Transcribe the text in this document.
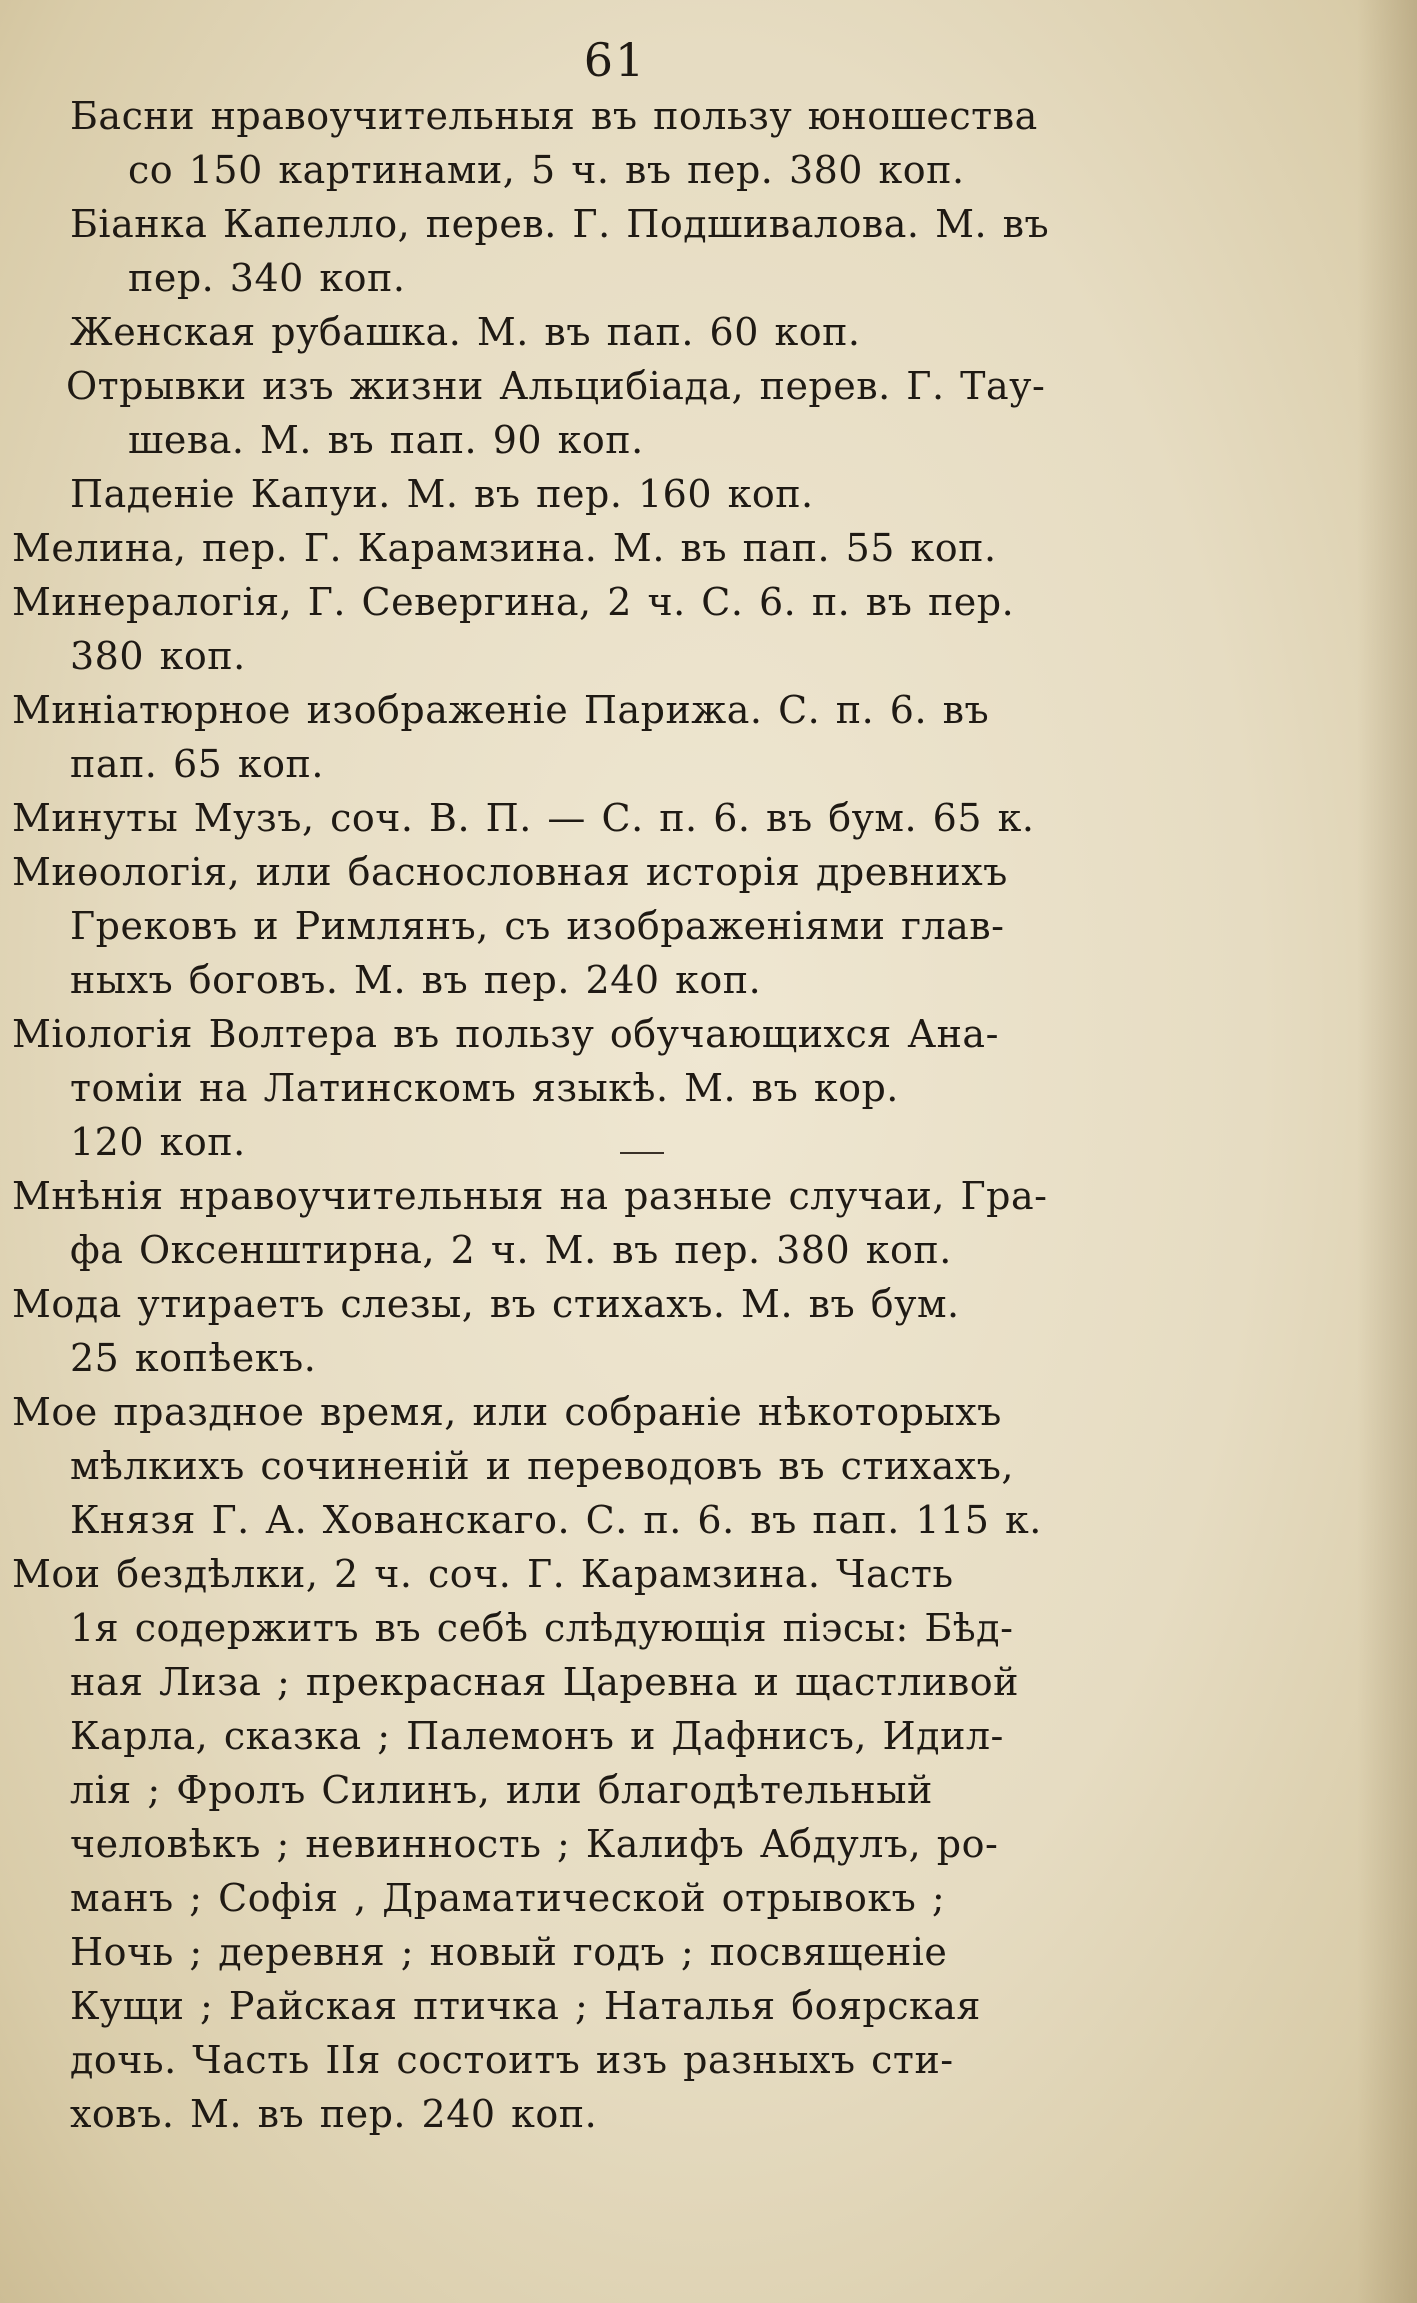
61
Басни нравоучительныя въ пользу юношества
со 150 картинами, 5 ч. въ пер. 380 коп.
Біанка Капелло, перев. Г. Подшивалова. М. въ
пер. 340 коп.
Женская рубашка. М. въ пап. 60 коп.
Отрывки изъ жизни Альцибіада, перев. Г. Тау-
шева. М. въ пап. 90 коп.
Паденіе Капуи. М. въ пер. 160 коп.
Мелина, пер. Г. Карамзина. М. въ пап. 55 коп.
Минералогія, Г. Севергина, 2 ч. С. 6. п. въ пер.
380 коп.
Миніатюрное изображеніе Парижа. С. п. 6. въ
пап. 65 коп.
Минуты Музъ, соч. В. П. — С. п. 6. въ бум. 65 к.
Миѳологія, или баснословная исторія древнихъ
Грековъ и Римлянъ, съ изображеніями глав-
ныхъ боговъ. М. въ пер. 240 коп.
Міологія Волтера въ пользу обучающихся Ана-
томіи на Латинскомъ языкѣ. М. въ кор.
120 коп.
Мнѣнія нравоучительныя на разные случаи, Гра-
фа Оксенштирна, 2 ч. М. въ пер. 380 коп.
Мода утираетъ слезы, въ стихахъ. М. въ бум.
25 копѣекъ.
Мое праздное время, или собраніе нѣкоторыхъ
мѣлкихъ сочиненій и переводовъ въ стихахъ,
Князя Г. А. Хованскаго. С. п. 6. въ пап. 115 к.
Мои бездѣлки, 2 ч. соч. Г. Карамзина. Часть
1я содержитъ въ себѣ слѣдующія піэсы: Бѣд-
ная Лиза ; прекрасная Царевна и щастливой
Карла, сказка ; Палемонъ и Дафнисъ, Идил-
лія ; Фролъ Силинъ, или благодѣтельный
человѣкъ ; невинность ; Калифъ Абдулъ, ро-
манъ ; Софія , Драматической отрывокъ ;
Ночь ; деревня ; новый годъ ; посвященіе
Кущи ; Райская птичка ; Наталья боярская
дочь. Часть IIя состоитъ изъ разныхъ сти-
ховъ. М. въ пер. 240 коп.
